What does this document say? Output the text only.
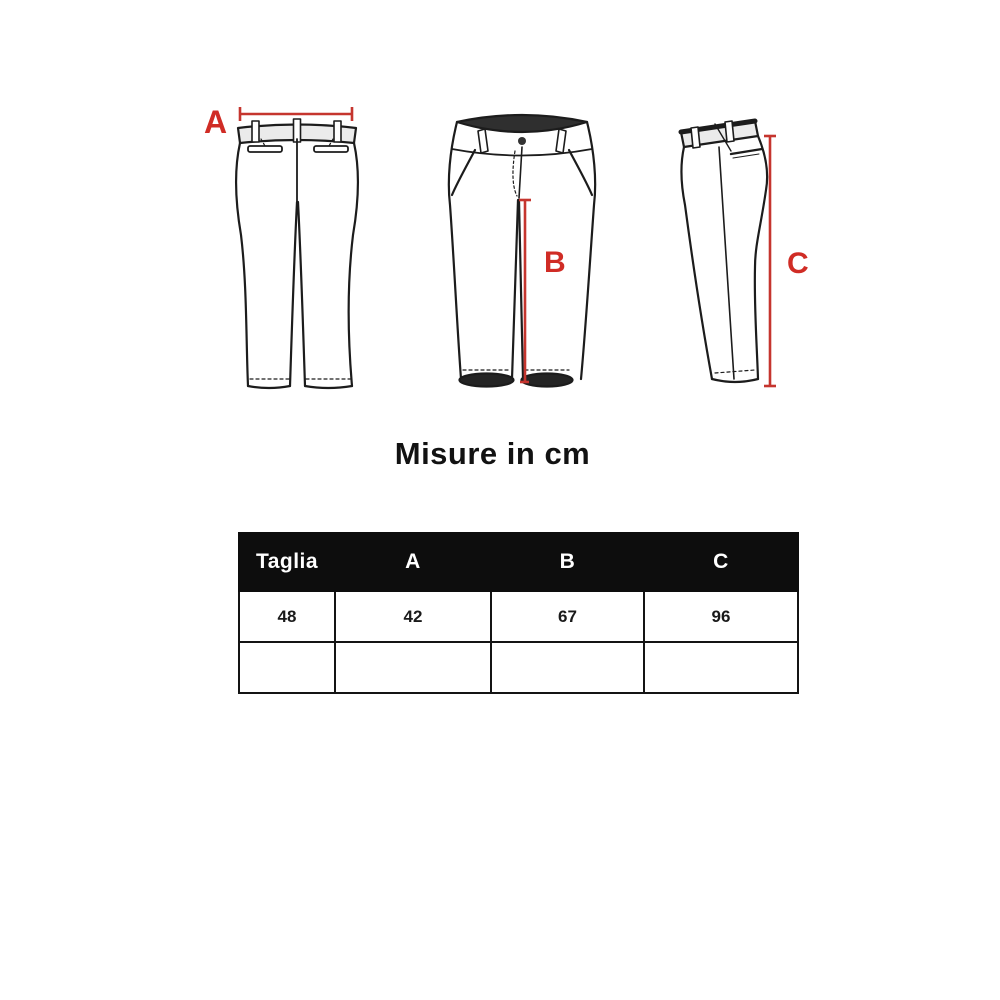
A
B	C
Misure in cm
Taglia	A	B	C
48	42	67	96
